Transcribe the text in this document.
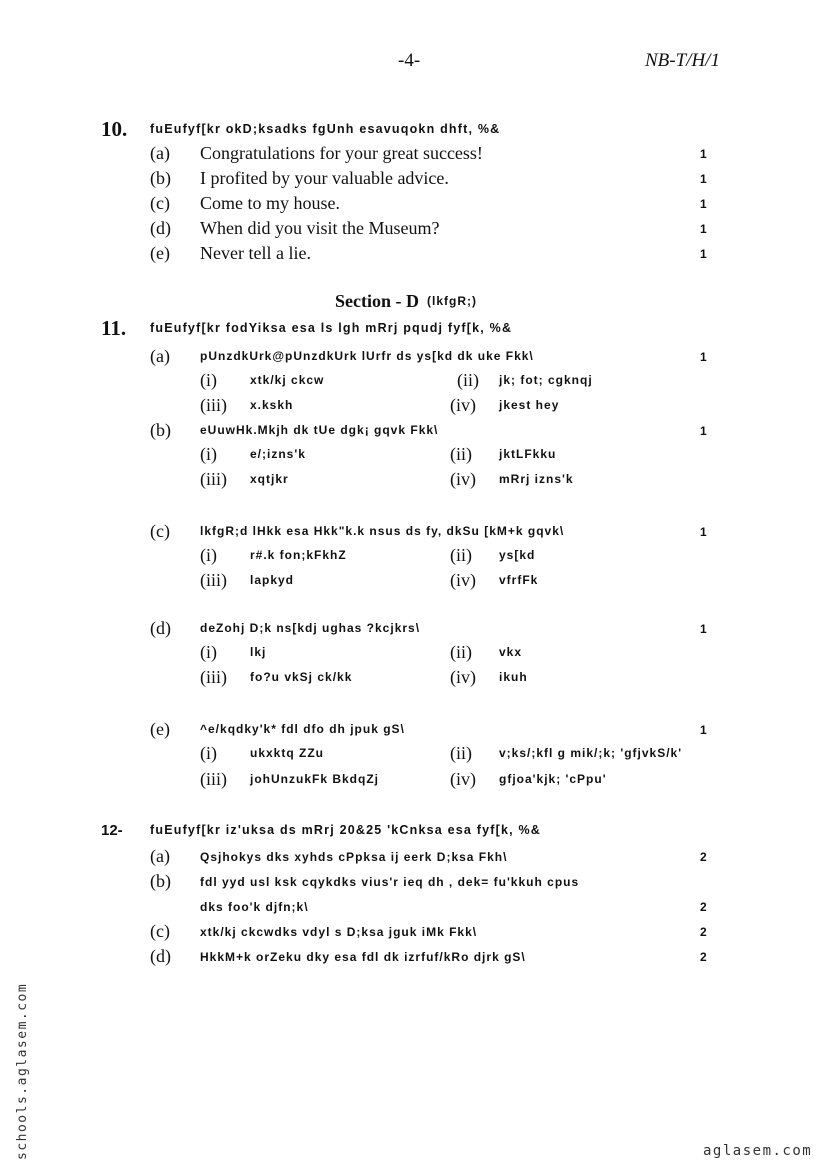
-4-	NB-T/H/1
10. fuEufyf[kr okD;ksadks fgUnh esavuqokn dhft, %&
(a) Congratulations for your great success!	1
(b) I profited by your valuable advice.	1
(c) Come to my house.	1
(d) When did you visit the Museum?	1
(e) Never tell a lie.	1
Section - D (lkfgR;)
11. fuEufyf[kr fodYiksa esa ls lgh mRrj pqudj fyf[k, %&
(a)	pUnzdkUrk@pUnzdkUrk lUrfr ds ys[kd dk uke Fkk\	1
(i)	xtk/kj ckcw	(ii) jk; fot; cgknqj
(iii) x.kskh	(iv) jkest hey
(b) eUuwHk.Mkjh dk tUe dgk¡ gqvk Fkk\	1
(i)	e/;izns'k	(ii) jktLFkku
(iii) xqtjkr	(iv) mRrj izns'k
(c)	lkfgR;d lHkk esa Hkk"k.k nsus ds fy, dkSu [kM+k gqvk\	1
(i)	r#.k fon;kFkhZ	(ii) ys[kd
(iii) lapkyd	(iv) vfrfFk
(d) deZohj D;k ns[kdj ughas ?kcjkrs\	1
(i)	lkj	(ii) vkx
(iii) fo?u vkSj ck/kk	(iv) ikuh
(e)	^e/kqdky'k* fdl dfo dh jpuk gS\	1
(i)	ukxktq ZZu	(ii) v;ks/;kfl g mik/;k; 'gfjvkS/k'
(iii) johUnzukFk BkdqZj	(iv) gfjoa'kjk; 'cPpu'
12- fuEufyf[kr iz'uksa ds mRrj 20&25 'kCnksa esa fyf[k, %&
(a)	Qsjhokys dks xyhds cPpksa ij eerk D;ksa Fkh\	2
(b) fdl yyd usl ksk cqykdks vius'r ieq dh , dek= fu'kkuh cpus
dks foo'k djfn;k\	2
(c)	xtk/kj ckcwdks vdyl s D;ksa jguk iMk Fkk\	2
(d) HkkM+k orZeku dky esa fdl dk izrfuf/kRo djrk gS\	2
schools.aglasem.com	aglasem.com
